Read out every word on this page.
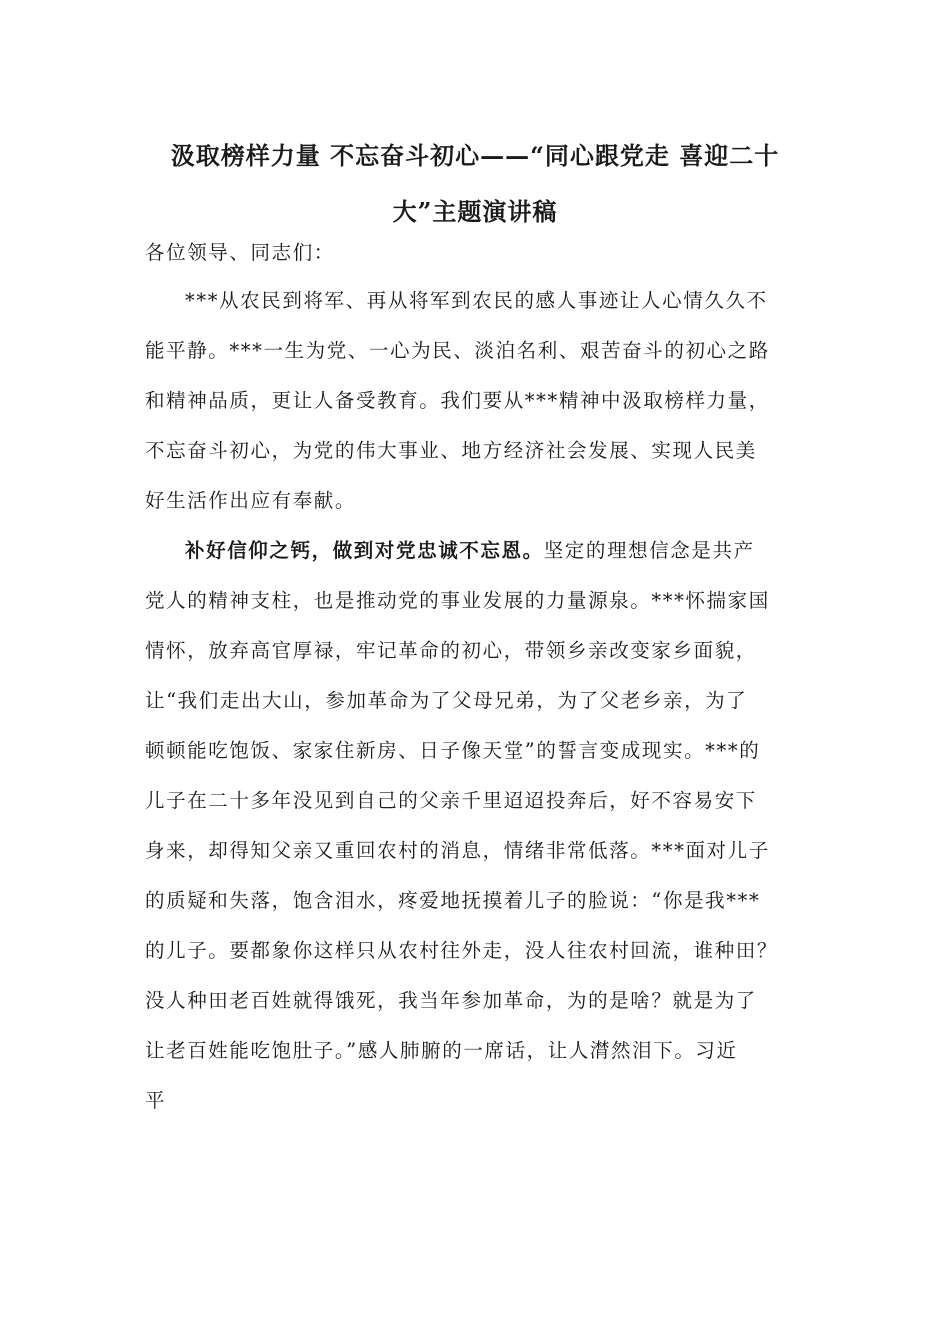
汲取榜样力量 不忘奋斗初心——“同心跟党走 喜迎二十
大”主题演讲稿
各位领导、同志们：
***从农民到将军、再从将军到农民的感人事迹让人心情久久不
能平静。***一生为党、一心为民、淡泊名利、艰苦奋斗的初心之路
和精神品质，更让人备受教育。我们要从***精神中汲取榜样力量，
不忘奋斗初心，为党的伟大事业、地方经济社会发展、实现人民美
好生活作出应有奉献。
补好信仰之钙，做到对党忠诚不忘恩。坚定的理想信念是共产
党人的精神支柱，也是推动党的事业发展的力量源泉。***怀揣家国
情怀，放弃高官厚禄，牢记革命的初心，带领乡亲改变家乡面貌，
让“我们走出大山，参加革命为了父母兄弟，为了父老乡亲，为了
顿顿能吃饱饭、家家住新房、日子像天堂”的誓言变成现实。***的
儿子在二十多年没见到自己的父亲千里迢迢投奔后，好不容易安下
身来，却得知父亲又重回农村的消息，情绪非常低落。***面对儿子
的质疑和失落，饱含泪水，疼爱地抚摸着儿子的脸说：“你是我***
的儿子。要都象你这样只从农村往外走，没人往农村回流，谁种田？
没人种田老百姓就得饿死，我当年参加革命，为的是啥？就是为了
让老百姓能吃饱肚子。”感人肺腑的一席话，让人潸然泪下。习近
平
